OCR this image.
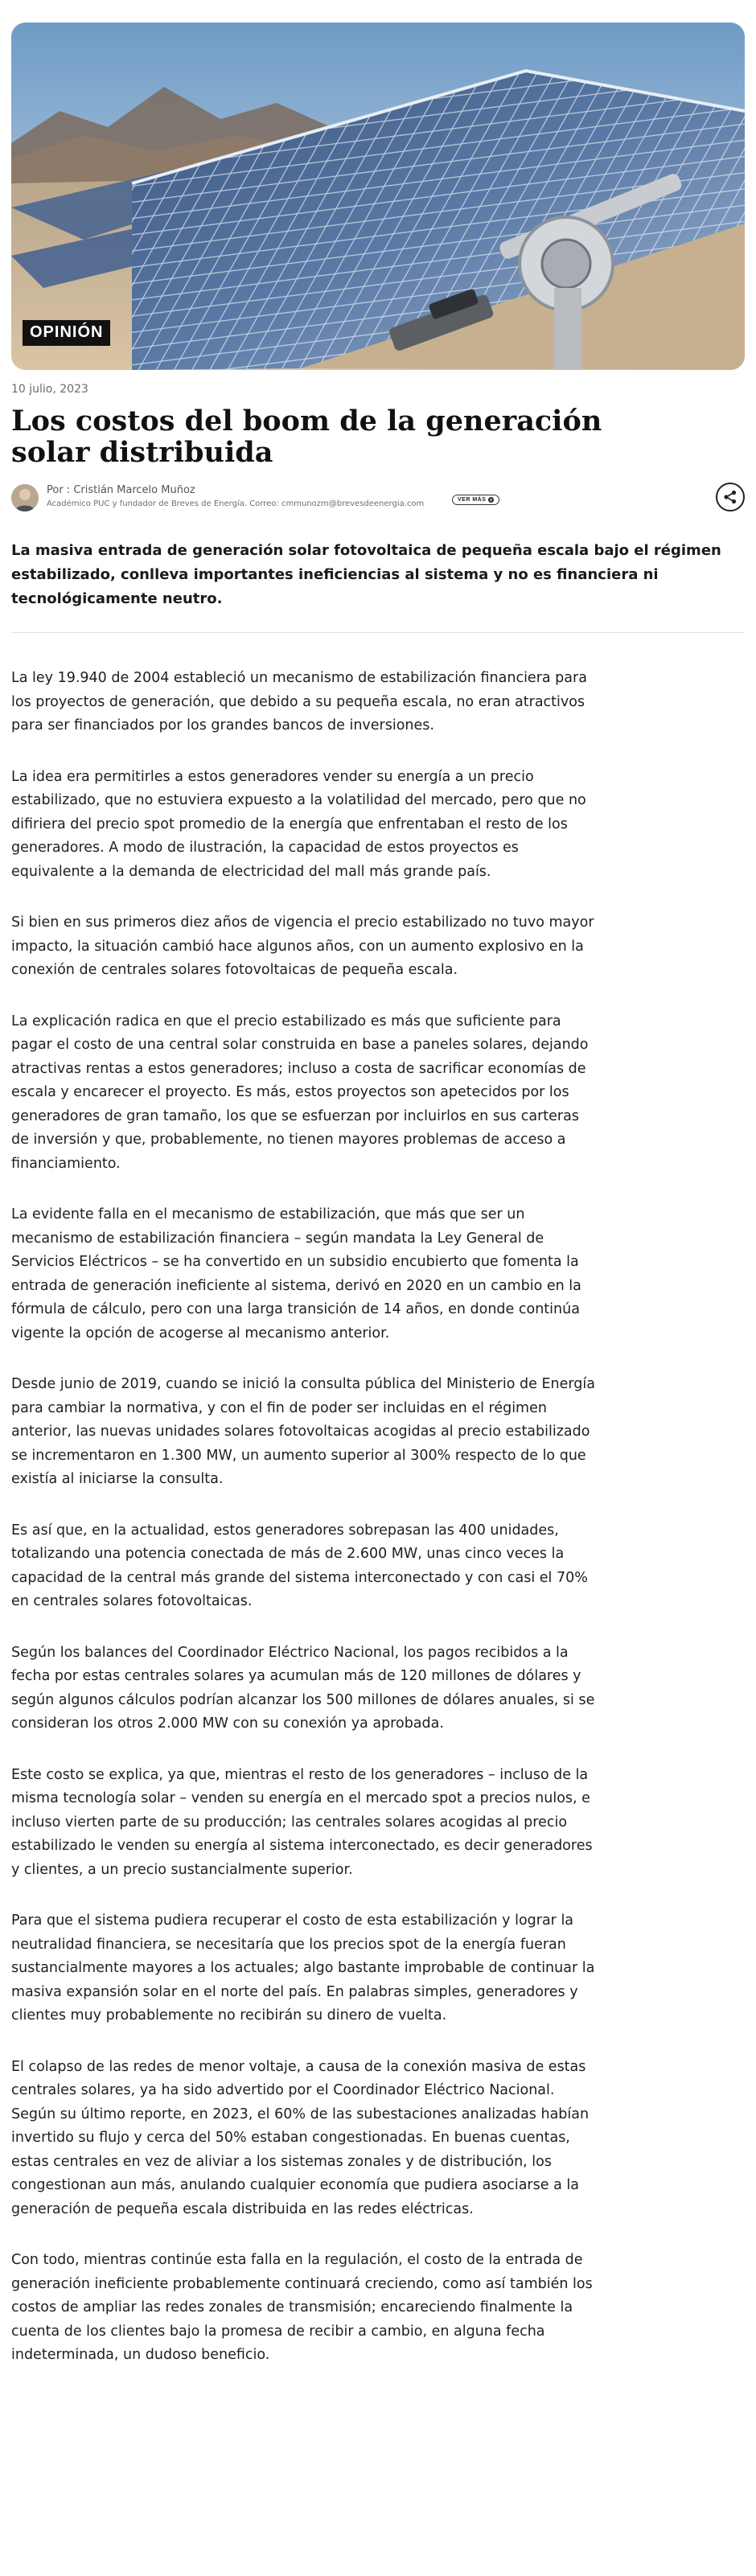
OPINIÓN
10 julio, 2023
Los costos del boom de la generación solar distribuida
Por : Cristián Marcelo Muñoz
Académico PUC y fundador de Breves de Energía. Correo: cmmunozm@brevesdeenergia.com	VER MÁS
La masiva entrada de generación solar fotovoltaica de pequeña escala bajo el régimen estabilizado, conlleva importantes ineficiencias al sistema y no es financiera ni tecnológicamente neutro.

La ley 19.940 de 2004 estableció un mecanismo de estabilización financiera para los proyectos de generación, que debido a su pequeña escala, no eran atractivos para ser financiados por los grandes bancos de inversiones.

La idea era permitirles a estos generadores vender su energía a un precio estabilizado, que no estuviera expuesto a la volatilidad del mercado, pero que no difiriera del precio spot promedio de la energía que enfrentaban el resto de los generadores. A modo de ilustración, la capacidad de estos proyectos es equivalente a la demanda de electricidad del mall más grande país.

Si bien en sus primeros diez años de vigencia el precio estabilizado no tuvo mayor impacto, la situación cambió hace algunos años, con un aumento explosivo en la conexión de centrales solares fotovoltaicas de pequeña escala.

La explicación radica en que el precio estabilizado es más que suficiente para pagar el costo de una central solar construida en base a paneles solares, dejando atractivas rentas a estos generadores; incluso a costa de sacrificar economías de escala y encarecer el proyecto. Es más, estos proyectos son apetecidos por los generadores de gran tamaño, los que se esfuerzan por incluirlos en sus carteras de inversión y que, probablemente, no tienen mayores problemas de acceso a financiamiento.

La evidente falla en el mecanismo de estabilización, que más que ser un mecanismo de estabilización financiera – según mandata la Ley General de Servicios Eléctricos – se ha convertido en un subsidio encubierto que fomenta la entrada de generación ineficiente al sistema, derivó en 2020 en un cambio en la fórmula de cálculo, pero con una larga transición de 14 años, en donde continúa vigente la opción de acogerse al mecanismo anterior.

Desde junio de 2019, cuando se inició la consulta pública del Ministerio de Energía para cambiar la normativa, y con el fin de poder ser incluidas en el régimen anterior, las nuevas unidades solares fotovoltaicas acogidas al precio estabilizado se incrementaron en 1.300 MW, un aumento superior al 300% respecto de lo que existía al iniciarse la consulta.

Es así que, en la actualidad, estos generadores sobrepasan las 400 unidades, totalizando una potencia conectada de más de 2.600 MW, unas cinco veces la capacidad de la central más grande del sistema interconectado y con casi el 70% en centrales solares fotovoltaicas.

Según los balances del Coordinador Eléctrico Nacional, los pagos recibidos a la fecha por estas centrales solares ya acumulan más de 120 millones de dólares y según algunos cálculos podrían alcanzar los 500 millones de dólares anuales, si se consideran los otros 2.000 MW con su conexión ya aprobada.

Este costo se explica, ya que, mientras el resto de los generadores – incluso de la misma tecnología solar – venden su energía en el mercado spot a precios nulos, e incluso vierten parte de su producción; las centrales solares acogidas al precio estabilizado le venden su energía al sistema interconectado, es decir generadores y clientes, a un precio sustancialmente superior.

Para que el sistema pudiera recuperar el costo de esta estabilización y lograr la neutralidad financiera, se necesitaría que los precios spot de la energía fueran sustancialmente mayores a los actuales; algo bastante improbable de continuar la masiva expansión solar en el norte del país. En palabras simples, generadores y clientes muy probablemente no recibirán su dinero de vuelta.

El colapso de las redes de menor voltaje, a causa de la conexión masiva de estas centrales solares, ya ha sido advertido por el Coordinador Eléctrico Nacional. Según su último reporte, en 2023, el 60% de las subestaciones analizadas habían invertido su flujo y cerca del 50% estaban congestionadas. En buenas cuentas, estas centrales en vez de aliviar a los sistemas zonales y de distribución, los congestionan aun más, anulando cualquier economía que pudiera asociarse a la generación de pequeña escala distribuida en las redes eléctricas.

Con todo, mientras continúe esta falla en la regulación, el costo de la entrada de generación ineficiente probablemente continuará creciendo, como así también los costos de ampliar las redes zonales de transmisión; encareciendo finalmente la cuenta de los clientes bajo la promesa de recibir a cambio, en alguna fecha indeterminada, un dudoso beneficio.
